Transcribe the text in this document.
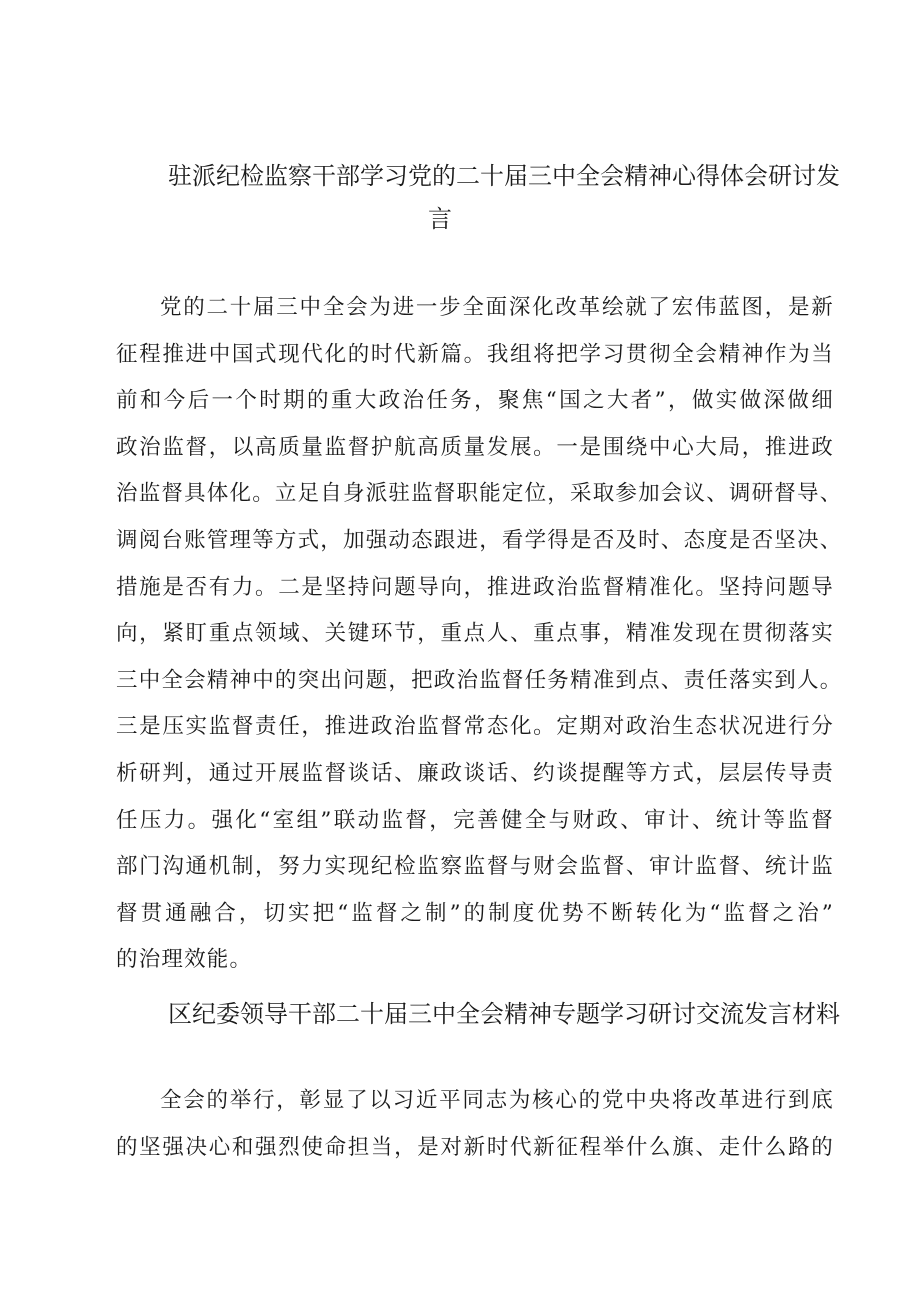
驻派纪检监察干部学习党的二十届三中全会精神心得体会研讨发
言
党的二十届三中全会为进一步全面深化改革绘就了宏伟蓝图，是新
征程推进中国式现代化的时代新篇。我组将把学习贯彻全会精神作为当
前和今后一个时期的重大政治任务，聚焦“国之大者”，做实做深做细
政治监督，以高质量监督护航高质量发展。一是围绕中心大局，推进政
治监督具体化。立足自身派驻监督职能定位，采取参加会议、调研督导、
调阅台账管理等方式，加强动态跟进，看学得是否及时、态度是否坚决、
措施是否有力。二是坚持问题导向，推进政治监督精准化。坚持问题导
向，紧盯重点领域、关键环节，重点人、重点事，精准发现在贯彻落实
三中全会精神中的突出问题，把政治监督任务精准到点、责任落实到人。
三是压实监督责任，推进政治监督常态化。定期对政治生态状况进行分
析研判，通过开展监督谈话、廉政谈话、约谈提醒等方式，层层传导责
任压力。强化“室组”联动监督，完善健全与财政、审计、统计等监督
部门沟通机制，努力实现纪检监察监督与财会监督、审计监督、统计监
督贯通融合，切实把“监督之制”的制度优势不断转化为“监督之治”
的治理效能。
区纪委领导干部二十届三中全会精神专题学习研讨交流发言材料
全会的举行，彰显了以习近平同志为核心的党中央将改革进行到底
的坚强决心和强烈使命担当，是对新时代新征程举什么旗、走什么路的
